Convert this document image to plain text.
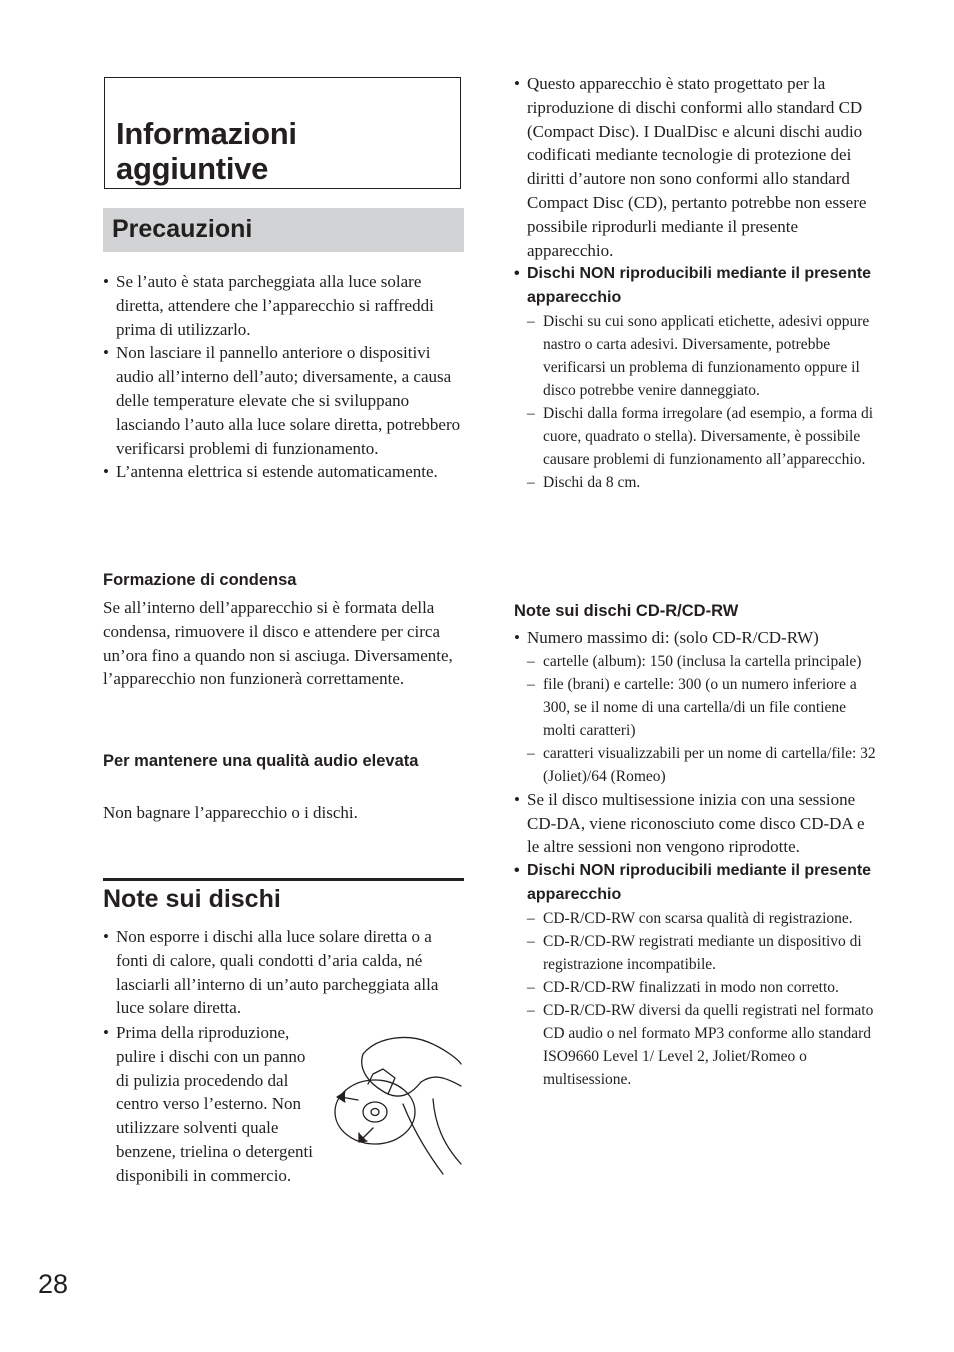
Informazioni aggiuntive
Precauzioni
• Se l’auto è stata parcheggiata alla luce solare diretta, attendere che l’apparecchio si raffreddi prima di utilizzarlo.
• Non lasciare il pannello anteriore o dispositivi audio all’interno dell’auto; diversamente, a causa delle temperature elevate che si sviluppano lasciando l’auto alla luce solare diretta, potrebbero verificarsi problemi di funzionamento.
• L’antenna elettrica si estende automaticamente.
Formazione di condensa

Se all’interno dell’apparecchio si è formata della condensa, rimuovere il disco e attendere per circa un’ora fino a quando non si asciuga. Diversamente, l’apparecchio non funzionerà correttamente.

Per mantenere una qualità audio elevata

Non bagnare l’apparecchio o i dischi.

Note sui dischi
• Non esporre i dischi alla luce solare diretta o a fonti di calore, quali condotti d’aria calda, né lasciarli all’interno di un’auto parcheggiata alla luce solare diretta.
• Prima della riproduzione, pulire i dischi con un panno di pulizia procedendo dal centro verso l’esterno. Non utilizzare solventi quale benzene, trielina o detergenti disponibili in commercio.
• Questo apparecchio è stato progettato per la riproduzione di dischi conformi allo standard CD (Compact Disc). I DualDisc e alcuni dischi audio codificati mediante tecnologie di protezione dei diritti d’autore non sono conformi allo standard Compact Disc (CD), pertanto potrebbe non essere possibile riprodurli mediante il presente apparecchio.
• Dischi NON riproducibili mediante il presente apparecchio
– Dischi su cui sono applicati etichette, adesivi oppure nastro o carta adesivi. Diversamente, potrebbe verificarsi un problema di funzionamento oppure il disco potrebbe venire danneggiato.
– Dischi dalla forma irregolare (ad esempio, a forma di cuore, quadrato o stella). Diversamente, è possibile causare problemi di funzionamento all’apparecchio.
– Dischi da 8 cm.
Note sui dischi CD-R/CD-RW
• Numero massimo di: (solo CD-R/CD-RW)
– cartelle (album): 150 (inclusa la cartella principale)
– file (brani) e cartelle: 300 (o un numero inferiore a 300, se il nome di una cartella/di un file contiene molti caratteri)
– caratteri visualizzabili per un nome di cartella/file: 32 (Joliet)/64 (Romeo)
• Se il disco multisessione inizia con una sessione CD-DA, viene riconosciuto come disco CD-DA e le altre sessioni non vengono riprodotte.
• Dischi NON riproducibili mediante il presente apparecchio
– CD-R/CD-RW con scarsa qualità di registrazione.
– CD-R/CD-RW registrati mediante un dispositivo di registrazione incompatibile.
– CD-R/CD-RW finalizzati in modo non corretto.
– CD-R/CD-RW diversi da quelli registrati nel formato CD audio o nel formato MP3 conforme allo standard ISO9660 Level 1/ Level 2, Joliet/Romeo o multisessione.

28
